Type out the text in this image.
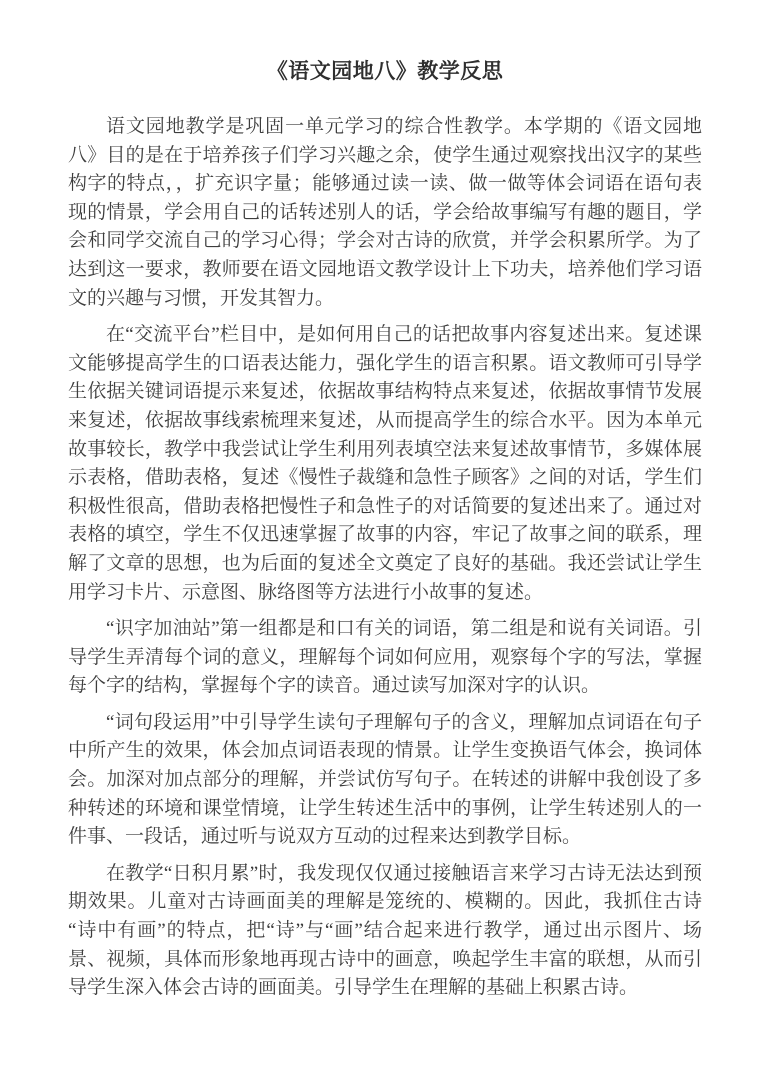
《语文园地八》教学反思

语文园地教学是巩固一单元学习的综合性教学。本学期的《语文园地八》目的是在于培养孩子们学习兴趣之余，使学生通过观察找出汉字的某些构字的特点，，扩充识字量；能够通过读一读、做一做等体会词语在语句表现的情景，学会用自己的话转述别人的话，学会给故事编写有趣的题目，学会和同学交流自己的学习心得；学会对古诗的欣赏，并学会积累所学。为了达到这一要求，教师要在语文园地语文教学设计上下功夫，培养他们学习语文的兴趣与习惯，开发其智力。

在“交流平台”栏目中，是如何用自己的话把故事内容复述出来。复述课文能够提高学生的口语表达能力，强化学生的语言积累。语文教师可引导学生依据关键词语提示来复述，依据故事结构特点来复述，依据故事情节发展来复述，依据故事线索梳理来复述，从而提高学生的综合水平。因为本单元故事较长，教学中我尝试让学生利用列表填空法来复述故事情节，多媒体展示表格，借助表格，复述《慢性子裁缝和急性子顾客》之间的对话，学生们积极性很高，借助表格把慢性子和急性子的对话简要的复述出来了。通过对表格的填空，学生不仅迅速掌握了故事的内容，牢记了故事之间的联系，理解了文章的思想，也为后面的复述全文奠定了良好的基础。我还尝试让学生用学习卡片、示意图、脉络图等方法进行小故事的复述。

“识字加油站”第一组都是和口有关的词语，第二组是和说有关词语。引导学生弄清每个词的意义，理解每个词如何应用，观察每个字的写法，掌握每个字的结构，掌握每个字的读音。通过读写加深对字的认识。

“词句段运用”中引导学生读句子理解句子的含义，理解加点词语在句子中所产生的效果，体会加点词语表现的情景。让学生变换语气体会，换词体会。加深对加点部分的理解，并尝试仿写句子。在转述的讲解中我创设了多种转述的环境和课堂情境，让学生转述生活中的事例，让学生转述别人的一件事、一段话，通过听与说双方互动的过程来达到教学目标。

在教学“日积月累”时，我发现仅仅通过接触语言来学习古诗无法达到预期效果。儿童对古诗画面美的理解是笼统的、模糊的。因此，我抓住古诗“诗中有画”的特点，把“诗”与“画”结合起来进行教学，通过出示图片、场景、视频，具体而形象地再现古诗中的画意，唤起学生丰富的联想，从而引导学生深入体会古诗的画面美。引导学生在理解的基础上积累古诗。
